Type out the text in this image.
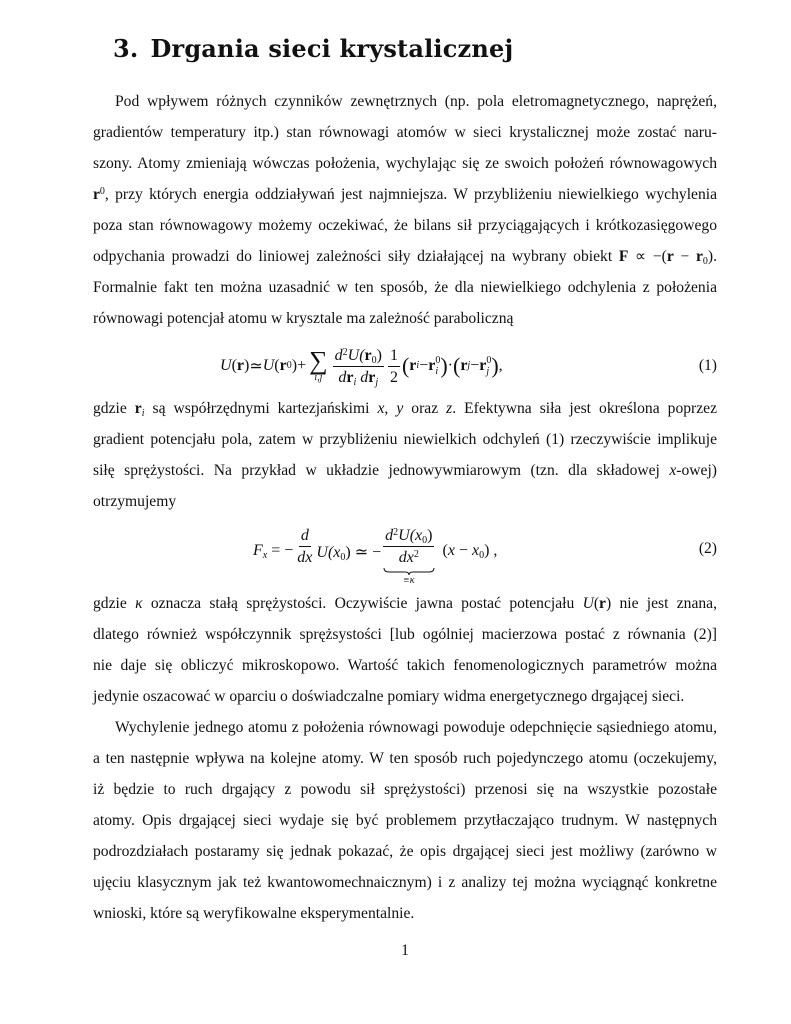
3. Drgania sieci krystalicznej
Pod wpływem różnych czynników zewnętrznych (np. pola eletromagnetycznego, naprężeń,
gradientów temperatury itp.) stan równowagi atomów w sieci krystalicznej może zostać naru-
szony. Atomy zmieniają wówczas położenia, wychylając się ze swoich położeń równowagowych
$r^0$, przy których energia oddziaływań jest najmniejsza. W przybliżeniu niewielkiego wychylenia
poza stan równowagowy możemy oczekiwać, że bilans sił przyciągających i krótkozasięgowego
odpychania prowadzi do liniowej zależności siły działającej na wybrany obiekt $F \propto -(r - r_0)$.
Formalnie fakt ten można uzasadnić w ten sposób, że dla niewielkiego odchylenia z położenia
równowagi potencjał atomu w krysztale ma zależność paraboliczną
U ( r ) ≃ U ( r 0 ) + ∑
$i,j \frac{d^2U(r_0)}{dr_i dr_j} \frac{1}{2}$ ( r i − r 0
i ) · ( r j − r 0
j ) ,	(1)
gdzie $r_i$ są współrzędnymi kartezjańskimi x, y oraz z. Efektywna siła jest określona poprzez
gradient potencjału pola, zatem w przybliżeniu niewielkich odchyleń (1) rzeczywiście implikuje
siłę sprężystości. Na przykład w układzie jednowywmiarowym (tzn. dla składowej x-owej)
otrzymujemy
$F_x$ = − $\frac{d}{dx} U(x_0)$ ≃ − $\frac{d^2U(x_0)}{dx^2}$
≡κ
$(x - x_0)$ ,	(2)
gdzie κ oznacza stałą sprężystości. Oczywiście jawna postać potencjału U(r) nie jest znana,
dlatego również współczynnik sprężsystości [lub ogólniej macierzowa postać z równania (2)]
nie daje się obliczyć mikroskopowo. Wartość takich fenomenologicznych parametrów można
jedynie oszacować w oparciu o doświadczalne pomiary widma energetycznego drgającej sieci.
Wychylenie jednego atomu z położenia równowagi powoduje odepchnięcie sąsiedniego atomu,
a ten następnie wpływa na kolejne atomy. W ten sposób ruch pojedynczego atomu (oczekujemy,
iż będzie to ruch drgający z powodu sił sprężystości) przenosi się na wszystkie pozostałe
atomy. Opis drgającej sieci wydaje się być problemem przytłaczająco trudnym. W następnych
podrozdziałach postaramy się jednak pokazać, że opis drgającej sieci jest możliwy (zarówno w
ujęciu klasycznym jak też kwantowomechnaicznym) i z analizy tej można wyciągnąć konkretne
wnioski, które są weryfikowalne eksperymentalnie.
1
